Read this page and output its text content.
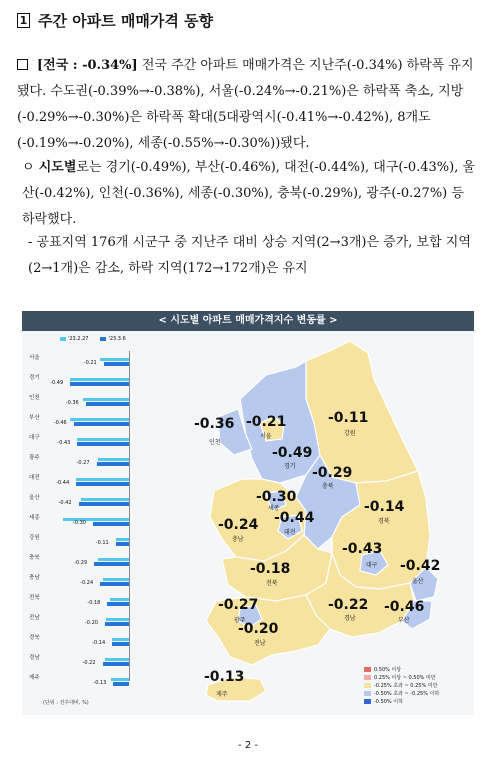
1 주간 아파트 매매가격 동향
[전국 : -0.34%] 전국 주간 아파트 매매가격은 지난주(-0.34%) 하락폭 유지됐다. 수도권(-0.39%→-0.38%), 서울(-0.24%→-0.21%)은 하락폭 축소, 지방(-0.29%→-0.30%)은 하락폭 확대(5대광역시(-0.41%→-0.42%), 8개도(-0.19%→-0.20%), 세종(-0.55%→-0.30%))됐다.
ㅇ 시도별로는 경기(-0.49%), 부산(-0.46%), 대전(-0.44%), 대구(-0.43%), 울산(-0.42%), 인천(-0.36%), 세종(-0.30%), 충북(-0.29%), 광주(-0.27%) 등 하락했다.
- 공표지역 176개 시군구 중 지난주 대비 상승 지역(2→3개)은 증가, 보합 지역(2→1개)은 감소, 하락 지역(172→172개)은 유지
< 시도별 아파트 매매가격지수 변동률 >
'23.2.27	'23.3.6
서울
-0.21
경기
-0.49
인천
-0.36
부산
-0.46
대구
-0.43
광주
-0.27
대전
-0.44
울산
-0.42
세종
-0.30
강원
-0.11
충북
-0.29
충남
-0.24
전북
-0.18
전남
-0.20
경북
-0.14
경남
-0.22
제주
-0.13
(단위 : 전주대비, %)
-0.36
인천
-0.21
서울
-0.49
경기
-0.11
강원
-0.29
충북
-0.30
세종
-0.44
대전
-0.24
충남
-0.14
경북
-0.43
대구
-0.18
전북
-0.42
울산
-0.27
광주
-0.22
경남
-0.46
부산
-0.20
전남
-0.13
제주
0.50% 이상
0.25% 이상 ~ 0.50% 미만
-0.25% 초과 ~ 0.25% 미만
-0.50% 초과 ~ -0.25% 이하
-0.50% 이하
- 2 -
